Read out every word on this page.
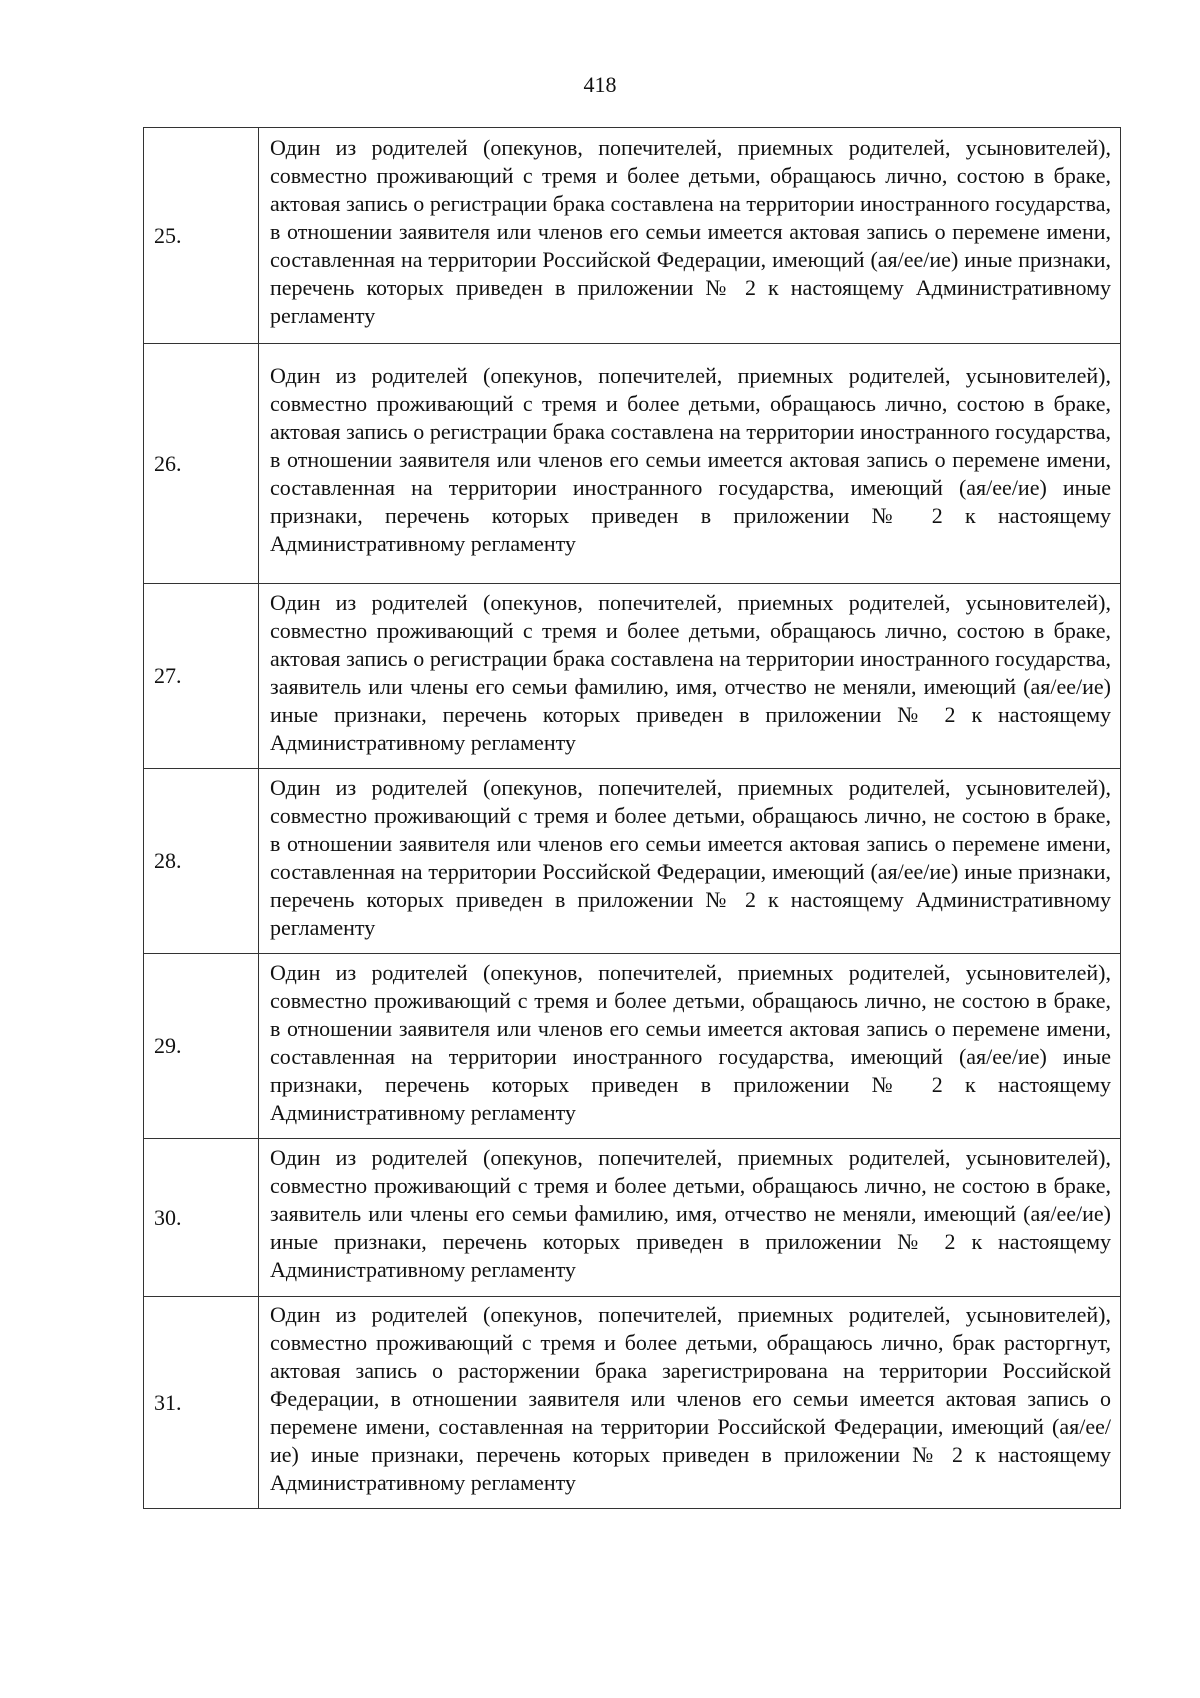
418
25.	Один из родителей (опекунов, попечителей, приемных родителей, усыновителей), совместно проживающий с тремя и более детьми, обращаюсь лично, состою в браке, актовая запись о регистрации брака составлена на территории иностранного государства, в отношении заявителя или членов его семьи имеется актовая запись о перемене имени, составленная на территории Российской Федерации, имеющий (ая/ее/ие) иные признаки, перечень которых приведен в приложении № 2 к настоящему Административному регламенту
26.	Один из родителей (опекунов, попечителей, приемных родителей, усыновителей), совместно проживающий с тремя и более детьми, обращаюсь лично, состою в браке, актовая запись о регистрации брака составлена на территории иностранного государства, в отношении заявителя или членов его семьи имеется актовая запись о перемене имени, составленная на территории иностранного государства, имеющий (ая/ее/ие) иные признаки, перечень которых приведен в приложении № 2 к настоящему Административному регламенту
27.	Один из родителей (опекунов, попечителей, приемных родителей, усыновителей), совместно проживающий с тремя и более детьми, обращаюсь лично, состою в браке, актовая запись о регистрации брака составлена на территории иностранного государства, заявитель или члены его семьи фамилию, имя, отчество не меняли, имеющий (ая/ее/ие) иные признаки, перечень которых приведен в приложении № 2 к настоящему Административному регламенту
28.	Один из родителей (опекунов, попечителей, приемных родителей, усыновителей), совместно проживающий с тремя и более детьми, обращаюсь лично, не состою в браке, в отношении заявителя или членов его семьи имеется актовая запись о перемене имени, составленная на территории Российской Федерации, имеющий (ая/ее/ие) иные признаки, перечень которых приведен в приложении № 2 к настоящему Административному регламенту
29.	Один из родителей (опекунов, попечителей, приемных родителей, усыновителей), совместно проживающий с тремя и более детьми, обращаюсь лично, не состою в браке, в отношении заявителя или членов его семьи имеется актовая запись о перемене имени, составленная на территории иностранного государства, имеющий (ая/ее/ие) иные признаки, перечень которых приведен в приложении № 2 к настоящему Административному регламенту
30.	Один из родителей (опекунов, попечителей, приемных родителей, усыновителей), совместно проживающий с тремя и более детьми, обращаюсь лично, не состою в браке, заявитель или члены его семьи фамилию, имя, отчество не меняли, имеющий (ая/ее/ие) иные признаки, перечень которых приведен в приложении № 2 к настоящему Административному регламенту
31.	Один из родителей (опекунов, попечителей, приемных родителей, усыновителей), совместно проживающий с тремя и более детьми, обращаюсь лично, брак расторгнут, актовая запись о расторжении брака зарегистрирована на территории Российской Федерации, в отношении заявителя или членов его семьи имеется актовая запись о перемене имени, составленная на территории Российской Федерации, имеющий (ая/ее/ие) иные признаки, перечень которых приведен в приложении № 2 к настоящему Административному регламенту
